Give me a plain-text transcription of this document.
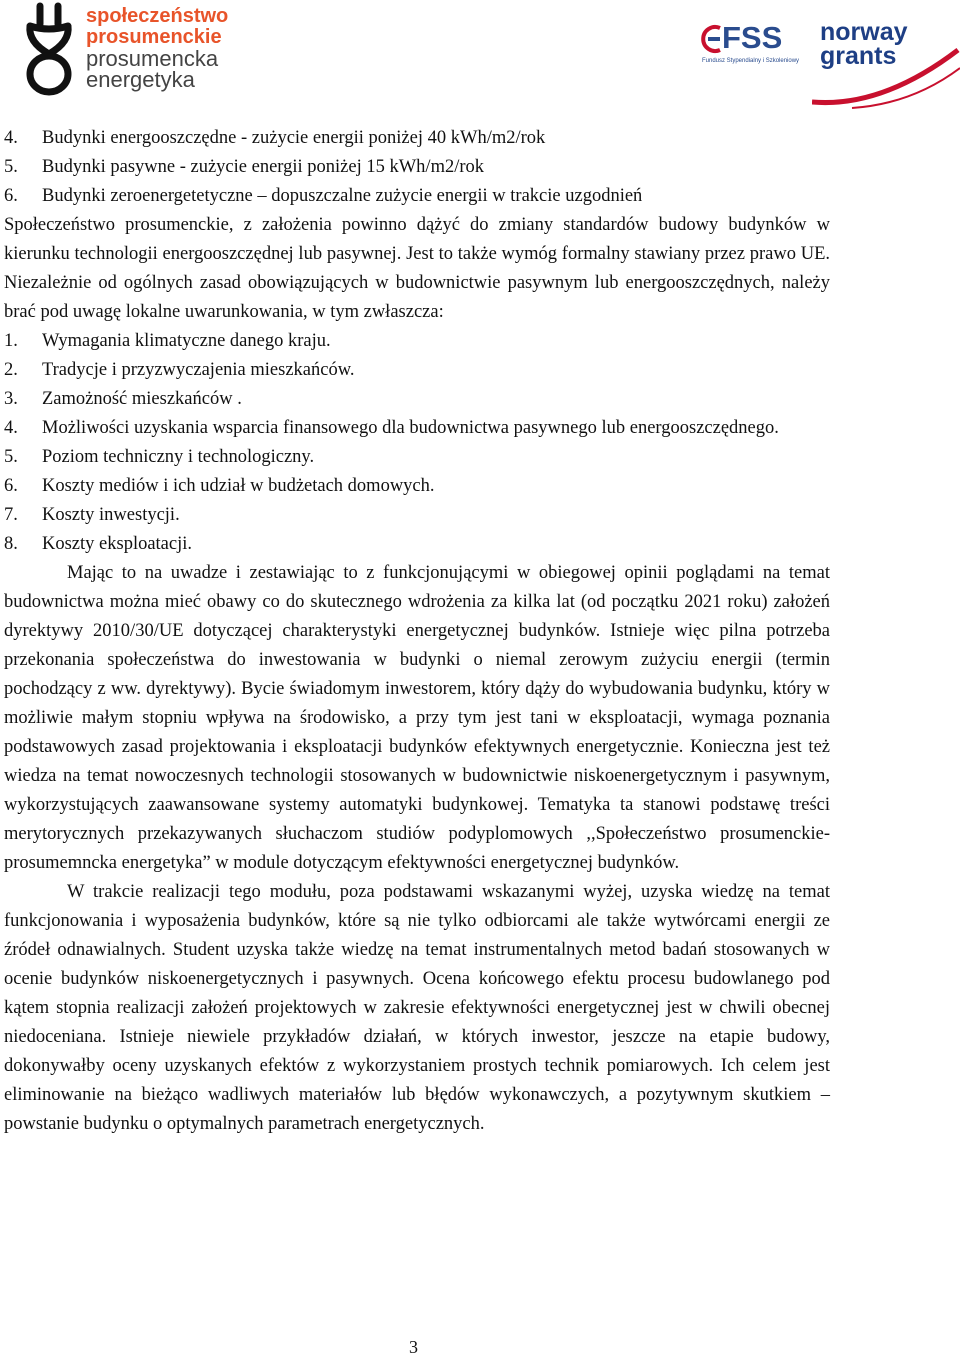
społeczeństwo
prosumenckie
prosumencka
energetyka
FSS
Fundusz Stypendialny i Szkoleniowy
norway
grants

4. Budynki energooszczędne - zużycie energii poniżej 40 kWh/m2/rok

5. Budynki pasywne - zużycie energii poniżej 15 kWh/m2/rok

6. Budynki zeroenergetetyczne – dopuszczalne zużycie energii w trakcie uzgodnień

Społeczeństwo prosumenckie, z założenia powinno dążyć do zmiany standardów budowy budynków w kierunku technologii energooszczędnej lub pasywnej. Jest to także wymóg formalny stawiany przez prawo UE. Niezależnie od ogólnych zasad obowiązujących w budownictwie pasywnym lub energooszczędnych, należy brać pod uwagę lokalne uwarunkowania, w tym zwłaszcza:

1. Wymagania klimatyczne danego kraju.

2. Tradycje i przyzwyczajenia mieszkańców.

3. Zamożność mieszkańców .

4. Możliwości uzyskania wsparcia finansowego dla budownictwa pasywnego lub energooszczędnego.

5. Poziom techniczny i technologiczny.

6. Koszty mediów i ich udział w budżetach domowych.

7. Koszty inwestycji.

8. Koszty eksploatacji.

Mając to na uwadze i zestawiając to z funkcjonującymi w obiegowej opinii poglądami na temat budownictwa można mieć obawy co do skutecznego wdrożenia za kilka lat (od początku 2021 roku) założeń dyrektywy 2010/30/UE dotyczącej charakterystyki energetycznej budynków. Istnieje więc pilna potrzeba przekonania społeczeństwa do inwestowania w budynki o niemal zerowym zużyciu energii (termin pochodzący z ww. dyrektywy). Bycie świadomym inwestorem, który dąży do wybudowania budynku, który w możliwie małym stopniu wpływa na środowisko, a przy tym jest tani w eksploatacji, wymaga poznania podstawowych zasad projektowania i eksploatacji budynków efektywnych energetycznie. Konieczna jest też wiedza na temat nowoczesnych technologii stosowanych w budownictwie niskoenergetycznym i pasywnym, wykorzystujących zaawansowane systemy automatyki budynkowej. Tematyka ta stanowi podstawę treści merytorycznych przekazywanych słuchaczom studiów podyplomowych ,,Społeczeństwo prosumenckie-prosumemncka energetyka” w module dotyczącym efektywności energetycznej budynków.

W trakcie realizacji tego modułu, poza podstawami wskazanymi wyżej, uzyska wiedzę na temat funkcjonowania i wyposażenia budynków, które są nie tylko odbiorcami ale także wytwórcami energii ze źródeł odnawialnych. Student uzyska także wiedzę na temat instrumentalnych metod badań stosowanych w ocenie budynków niskoenergetycznych i pasywnych. Ocena końcowego efektu procesu budowlanego pod kątem stopnia realizacji założeń projektowych w zakresie efektywności energetycznej jest w chwili obecnej niedoceniana. Istnieje niewiele przykładów działań, w których inwestor, jeszcze na etapie budowy, dokonywałby oceny uzyskanych efektów z wykorzystaniem prostych technik pomiarowych. Ich celem jest eliminowanie na bieżąco wadliwych materiałów lub błędów wykonawczych, a pozytywnym skutkiem – powstanie budynku o optymalnych parametrach energetycznych.

3
